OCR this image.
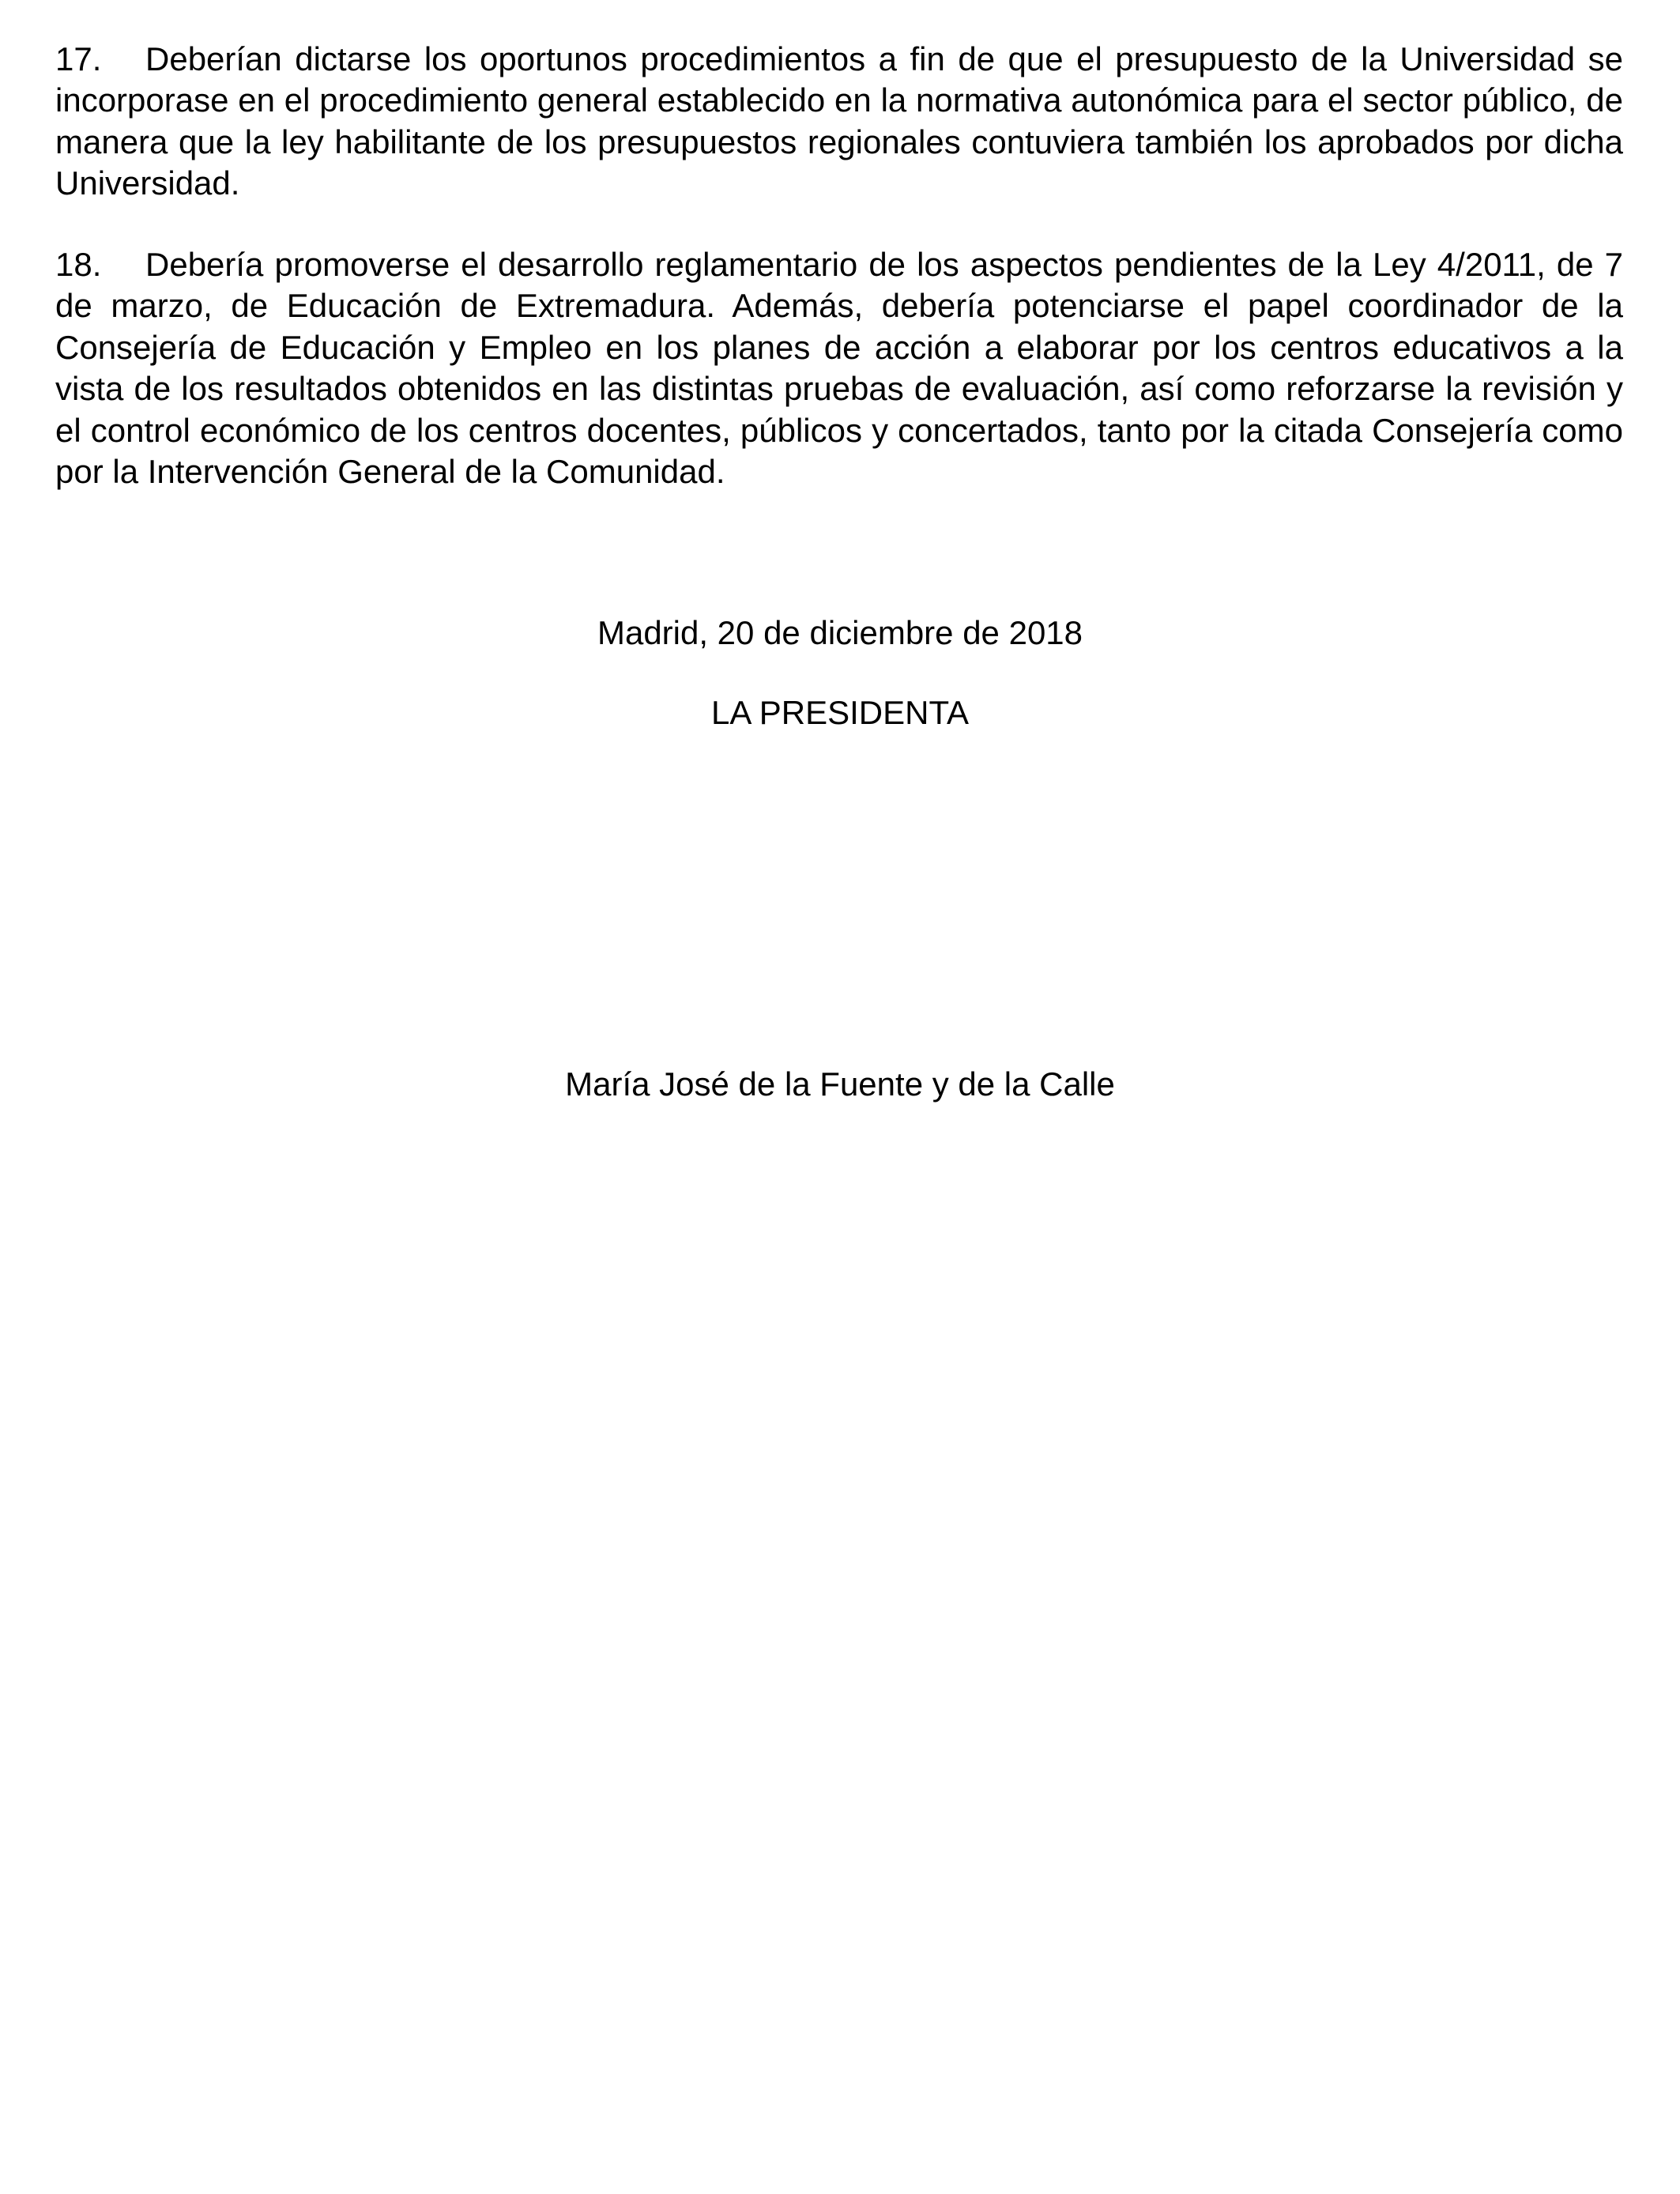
17. Deberían dictarse los oportunos procedimientos a fin de que el presupuesto de la Universidad se incorporase en el procedimiento general establecido en la normativa autonómica para el sector público, de manera que la ley habilitante de los presupuestos regionales contuviera también los aprobados por dicha Universidad.

18. Debería promoverse el desarrollo reglamentario de los aspectos pendientes de la Ley 4/2011, de 7 de marzo, de Educación de Extremadura. Además, debería potenciarse el papel coordinador de la Consejería de Educación y Empleo en los planes de acción a elaborar por los centros educativos a la vista de los resultados obtenidos en las distintas pruebas de evaluación, así como reforzarse la revisión y el control económico de los centros docentes, públicos y concertados, tanto por la citada Consejería como por la Intervención General de la Comunidad.

Madrid, 20 de diciembre de 2018

LA PRESIDENTA

María José de la Fuente y de la Calle
